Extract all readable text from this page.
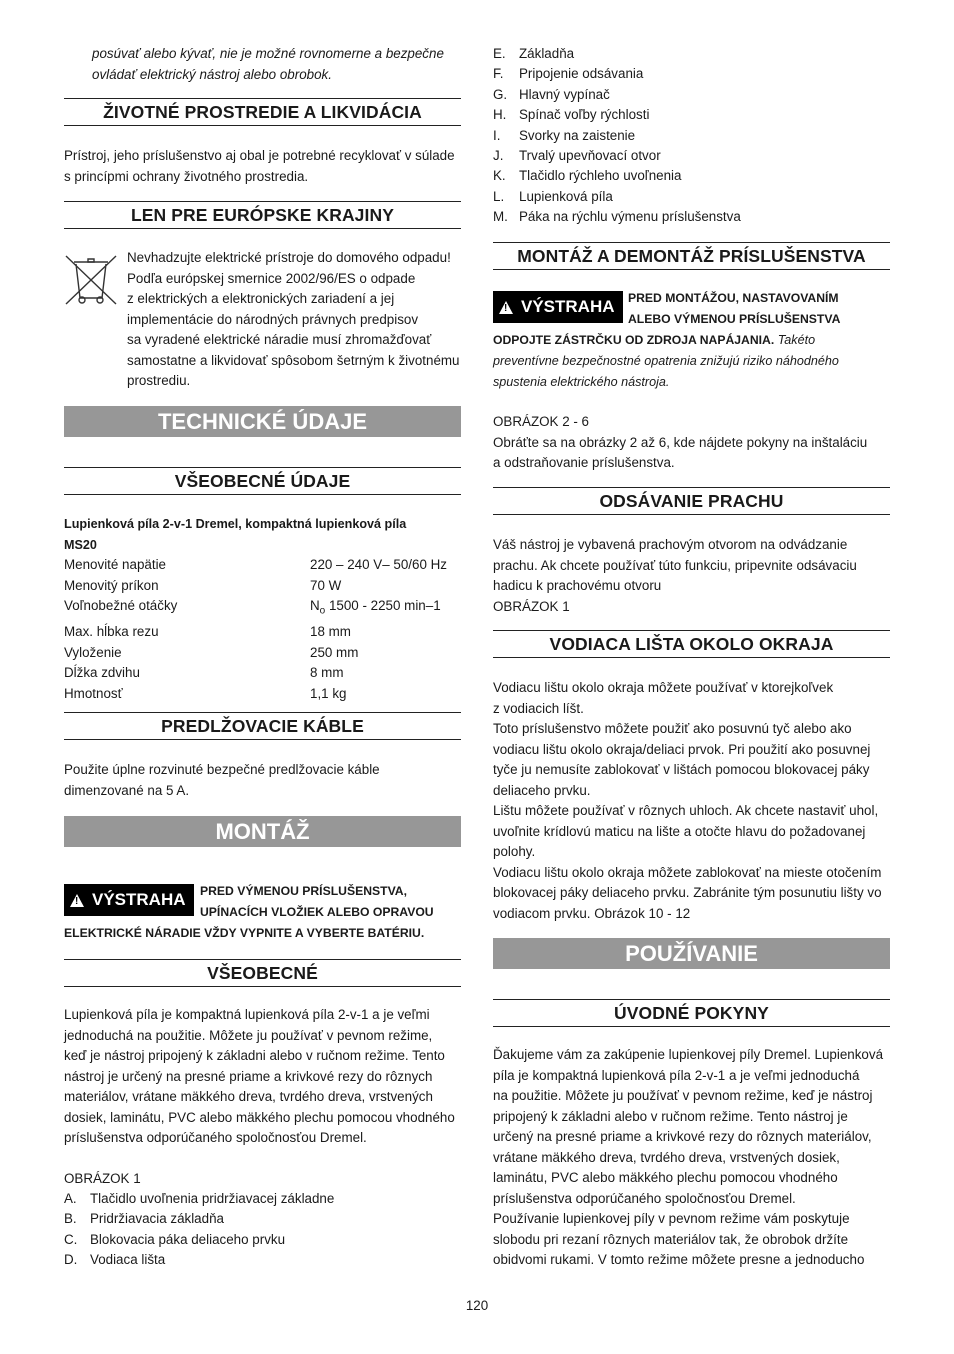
posúvať alebo kývať, nie je možné rovnomerne a bezpečne

ovládať elektrický nástroj alebo obrobok.

ŽIVOTNÉ PROSTREDIE A LIKVIDÁCIA

Prístroj, jeho príslušenstvo aj obal je potrebné recyklovať v súlade

s princípmi ochrany životného prostredia.

LEN PRE EURÓPSKE KRAJINY

Nevhadzujte elektrické prístroje do domového odpadu!

Podľa európskej smernice 2002/96/ES o odpade

z elektrických a elektronických zariadení a jej

implementácie do národných právnych predpisov

sa vyradené elektrické náradie musí zhromažďovať

samostatne a likvidovať spôsobom šetrným k životnému

prostrediu.

TECHNICKÉ ÚDAJE
VŠEOBECNÉ ÚDAJE

Lupienková píla 2-v-1 Dremel, kompaktná lupienková píla

MS20

Menovité napätie	220 – 240 V– 50/60 Hz
Menovitý príkon	70 W
Voľnobežné otáčky	$N_o$ 1500 - 2250 min–1
Max. hĺbka rezu	18 mm
Vyloženie	250 mm
Dĺžka zdvihu	8 mm
Hmotnosť	1,1 kg
PREDLŽOVACIE KÁBLE

Použite úplne rozvinuté bezpečné predlžovacie káble

dimenzované na 5 A.

MONTÁŽ
!
VÝSTRAHA PRED VÝMENOU PRÍSLUŠENSTVA,
UPÍNACÍCH VLOŽIEK ALEBO OPRAVOU
ELEKTRICKÉ NÁRADIE VŽDY VYPNITE A VYBERTE BATÉRIU.
VŠEOBECNÉ

Lupienková píla je kompaktná lupienková píla 2-v-1 a je veľmi

jednoduchá na použitie. Môžete ju používať v pevnom režime,

keď je nástroj pripojený k základni alebo v ručnom režime. Tento

nástroj je určený na presné priame a krivkové rezy do rôznych

materiálov, vrátane mäkkého dreva, tvrdého dreva, vrstvených

dosiek, laminátu, PVC alebo mäkkého plechu pomocou vhodného

príslušenstva odporúčaného spoločnosťou Dremel.

OBRÁZOK 1

A. Tlačidlo uvoľnenia pridržiavacej základne
B. Pridržiavacia základňa
C. Blokovacia páka deliaceho prvku
D. Vodiaca lišta
E. Základňa
F.	Pripojenie odsávania
G. Hlavný vypínač
H. Spínač voľby rýchlosti
I.	Svorky na zaistenie
J.	Trvalý upevňovací otvor
K. Tlačidlo rýchleho uvoľnenia
L.	Lupienková píla
M. Páka na rýchlu výmenu príslušenstva
MONTÁŽ A DEMONTÁŽ PRÍSLUŠENSTVA
!
VÝSTRAHA PRED MONTÁŽOU, NASTAVOVANÍM
ALEBO VÝMENOU PRÍSLUŠENSTVA

ODPOJTE ZÁSTRČKU OD ZDROJA NAPÁJANIA. Takéto

preventívne bezpečnostné opatrenia znižujú riziko náhodného

spustenia elektrického nástroja.

OBRÁZOK 2 - 6

Obráťte sa na obrázky 2 až 6, kde nájdete pokyny na inštaláciu

a odstraňovanie príslušenstva.

ODSÁVANIE PRACHU

Váš nástroj je vybavená prachovým otvorom na odvádzanie

prachu. Ak chcete používať túto funkciu, pripevnite odsávaciu

hadicu k prachovému otvoru

OBRÁZOK 1

VODIACA LIŠTA OKOLO OKRAJA

Vodiacu lištu okolo okraja môžete používať v ktorejkoľvek

z vodiacich líšt.

Toto príslušenstvo môžete použiť ako posuvnú tyč alebo ako

vodiacu lištu okolo okraja/deliaci prvok. Pri použití ako posuvnej

tyče ju nemusíte zablokovať v lištách pomocou blokovacej páky

deliaceho prvku.

Lištu môžete používať v rôznych uhloch. Ak chcete nastaviť uhol,

uvoľnite krídlovú maticu na lište a otočte hlavu do požadovanej

polohy.

Vodiacu lištu okolo okraja môžete zablokovať na mieste otočením

blokovacej páky deliaceho prvku. Zabránite tým posunutiu lišty vo

vodiacom prvku. Obrázok 10 - 12

POUŽÍVANIE
ÚVODNÉ POKYNY

Ďakujeme vám za zakúpenie lupienkovej píly Dremel. Lupienková

píla je kompaktná lupienková píla 2-v-1 a je veľmi jednoduchá

na použitie. Môžete ju používať v pevnom režime, keď je nástroj

pripojený k základni alebo v ručnom režime. Tento nástroj je

určený na presné priame a krivkové rezy do rôznych materiálov,

vrátane mäkkého dreva, tvrdého dreva, vrstvených dosiek,

laminátu, PVC alebo mäkkého plechu pomocou vhodného

príslušenstva odporúčaného spoločnosťou Dremel.

Používanie lupienkovej píly v pevnom režime vám poskytuje

slobodu pri rezaní rôznych materiálov tak, že obrobok držíte

obidvomi rukami. V tomto režime môžete presne a jednoducho

120
